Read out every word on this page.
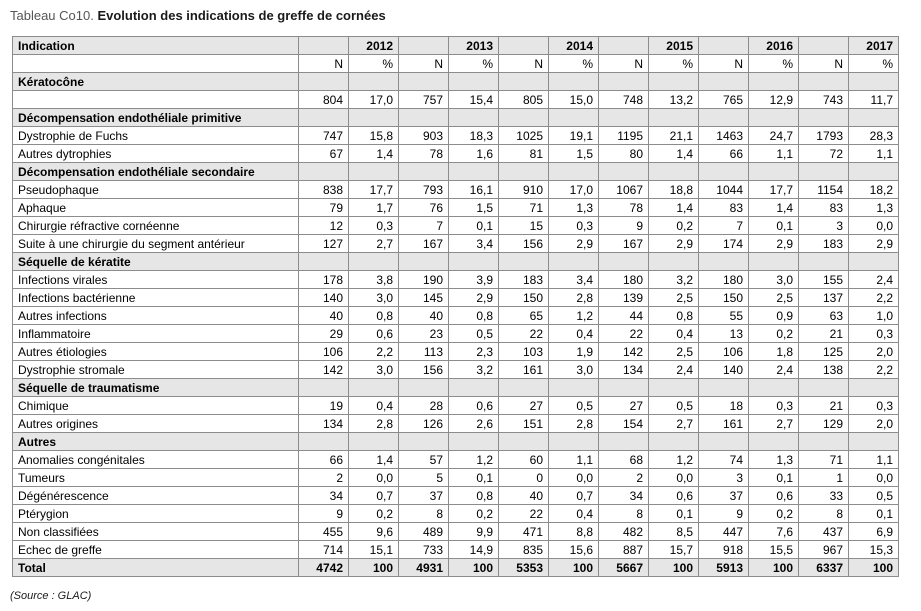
Tableau Co10. Evolution des indications de greffe de cornées
Indication		2012		2013		2014		2015		2016		2017
	N	%	N	%	N	%	N	%	N	%	N	%
Kératocône												
	804	17,0	757	15,4	805	15,0	748	13,2	765	12,9	743	11,7
Décompensation endothéliale primitive												
Dystrophie de Fuchs	747	15,8	903	18,3	1025	19,1	1195	21,1	1463	24,7	1793	28,3
Autres dytrophies	67	1,4	78	1,6	81	1,5	80	1,4	66	1,1	72	1,1
Décompensation endothéliale secondaire												
Pseudophaque	838	17,7	793	16,1	910	17,0	1067	18,8	1044	17,7	1154	18,2
Aphaque	79	1,7	76	1,5	71	1,3	78	1,4	83	1,4	83	1,3
Chirurgie réfractive cornéenne	12	0,3	7	0,1	15	0,3	9	0,2	7	0,1	3	0,0
Suite à une chirurgie du segment antérieur	127	2,7	167	3,4	156	2,9	167	2,9	174	2,9	183	2,9
Séquelle de kératite												
Infections virales	178	3,8	190	3,9	183	3,4	180	3,2	180	3,0	155	2,4
Infections bactérienne	140	3,0	145	2,9	150	2,8	139	2,5	150	2,5	137	2,2
Autres infections	40	0,8	40	0,8	65	1,2	44	0,8	55	0,9	63	1,0
Inflammatoire	29	0,6	23	0,5	22	0,4	22	0,4	13	0,2	21	0,3
Autres étiologies	106	2,2	113	2,3	103	1,9	142	2,5	106	1,8	125	2,0
Dystrophie stromale	142	3,0	156	3,2	161	3,0	134	2,4	140	2,4	138	2,2
Séquelle de traumatisme												
Chimique	19	0,4	28	0,6	27	0,5	27	0,5	18	0,3	21	0,3
Autres origines	134	2,8	126	2,6	151	2,8	154	2,7	161	2,7	129	2,0
Autres												
Anomalies congénitales	66	1,4	57	1,2	60	1,1	68	1,2	74	1,3	71	1,1
Tumeurs	2	0,0	5	0,1	0	0,0	2	0,0	3	0,1	1	0,0
Dégénérescence	34	0,7	37	0,8	40	0,7	34	0,6	37	0,6	33	0,5
Ptérygion	9	0,2	8	0,2	22	0,4	8	0,1	9	0,2	8	0,1
Non classifiées	455	9,6	489	9,9	471	8,8	482	8,5	447	7,6	437	6,9
Echec de greffe	714	15,1	733	14,9	835	15,6	887	15,7	918	15,5	967	15,3
Total	4742	100	4931	100	5353	100	5667	100	5913	100	6337	100
(Source : GLAC)
